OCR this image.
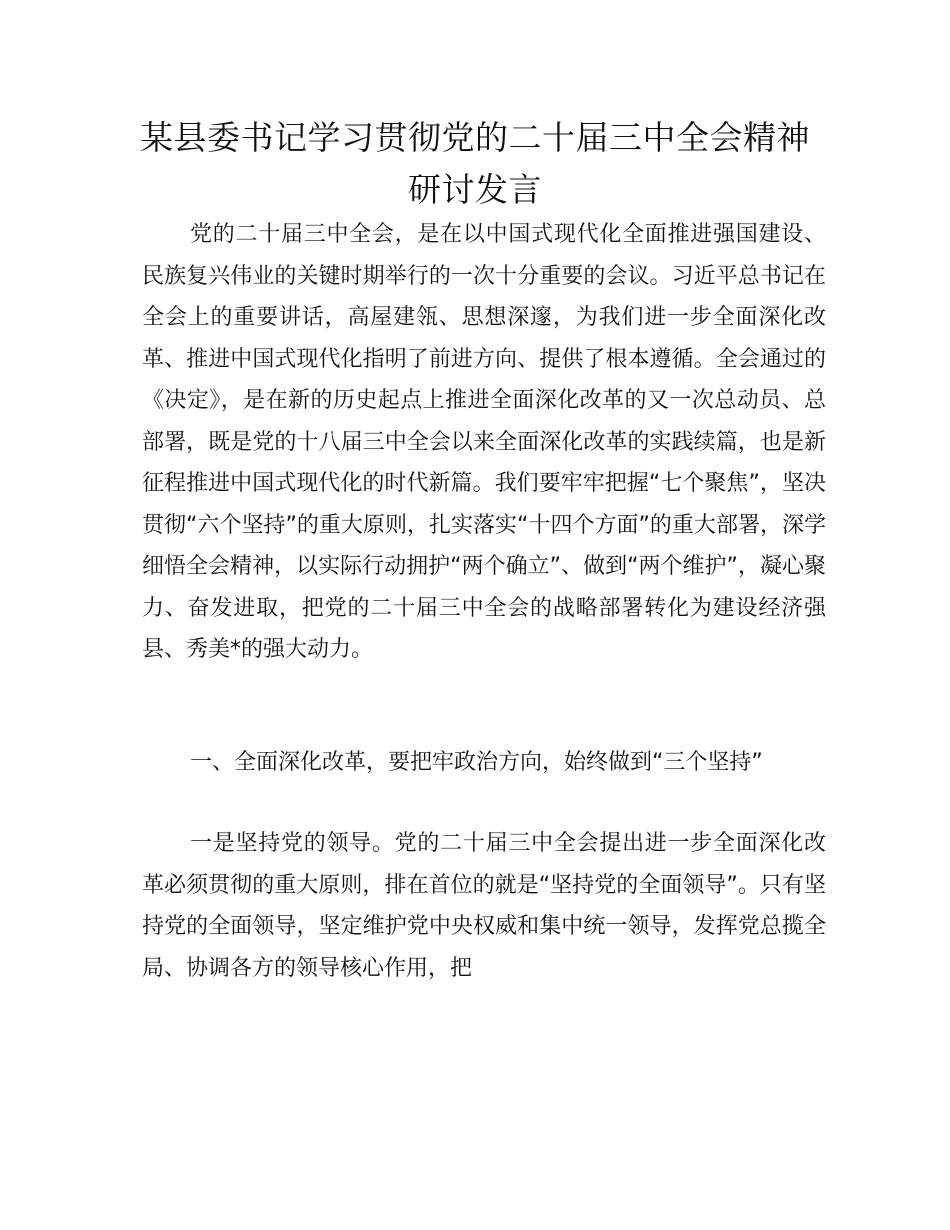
某县委书记学习贯彻党的二十届三中全会精神
研讨发言

党的二十届三中全会，是在以中国式现代化全面推进强国建设、民族复兴伟业的关键时期举行的一次十分重要的会议。习近平总书记在全会上的重要讲话，高屋建瓴、思想深邃，为我们进一步全面深化改革、推进中国式现代化指明了前进方向、提供了根本遵循。全会通过的《决定》，是在新的历史起点上推进全面深化改革的又一次总动员、总部署，既是党的十八届三中全会以来全面深化改革的实践续篇，也是新征程推进中国式现代化的时代新篇。我们要牢牢把握“七个聚焦”，坚决贯彻“六个坚持”的重大原则，扎实落实“十四个方面”的重大部署，深学细悟全会精神，以实际行动拥护“两个确立”、做到“两个维护”，凝心聚力、奋发进取，把党的二十届三中全会的战略部署转化为建设经济强县、秀美*的强大动力。

一、全面深化改革，要把牢政治方向，始终做到“三个坚持”

一是坚持党的领导。党的二十届三中全会提出进一步全面深化改革必须贯彻的重大原则，排在首位的就是“坚持党的全面领导”。只有坚持党的全面领导，坚定维护党中央权威和集中统一领导，发挥党总揽全局、协调各方的领导核心作用，把
